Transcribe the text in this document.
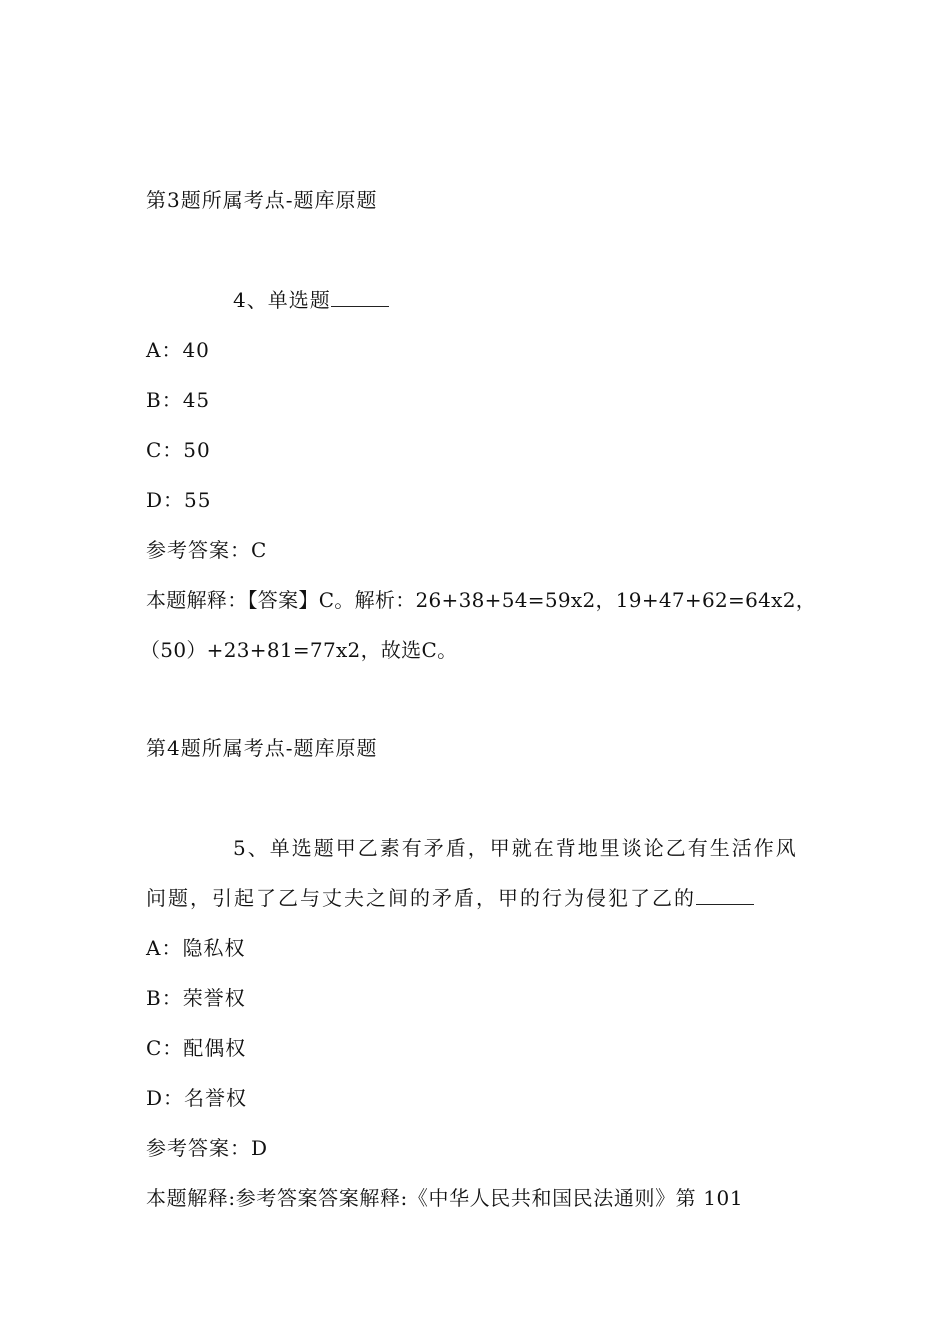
第3题所属考点-题库原题
4、单选题
A：40
B：45
C：50
D：55
参考答案：C
本题解释：【答案】C。解析：26+38+54=59x2，19+47+62=64x2，
（50）+23+81=77x2，故选C。
第4题所属考点-题库原题
5、单选题甲乙素有矛盾，甲就在背地里谈论乙有生活作风
问题，引起了乙与丈夫之间的矛盾，甲的行为侵犯了乙的
A：隐私权
B：荣誉权
C：配偶权
D：名誉权
参考答案：D
本题解释:参考答案答案解释:《中华人民共和国民法通则》第 101
